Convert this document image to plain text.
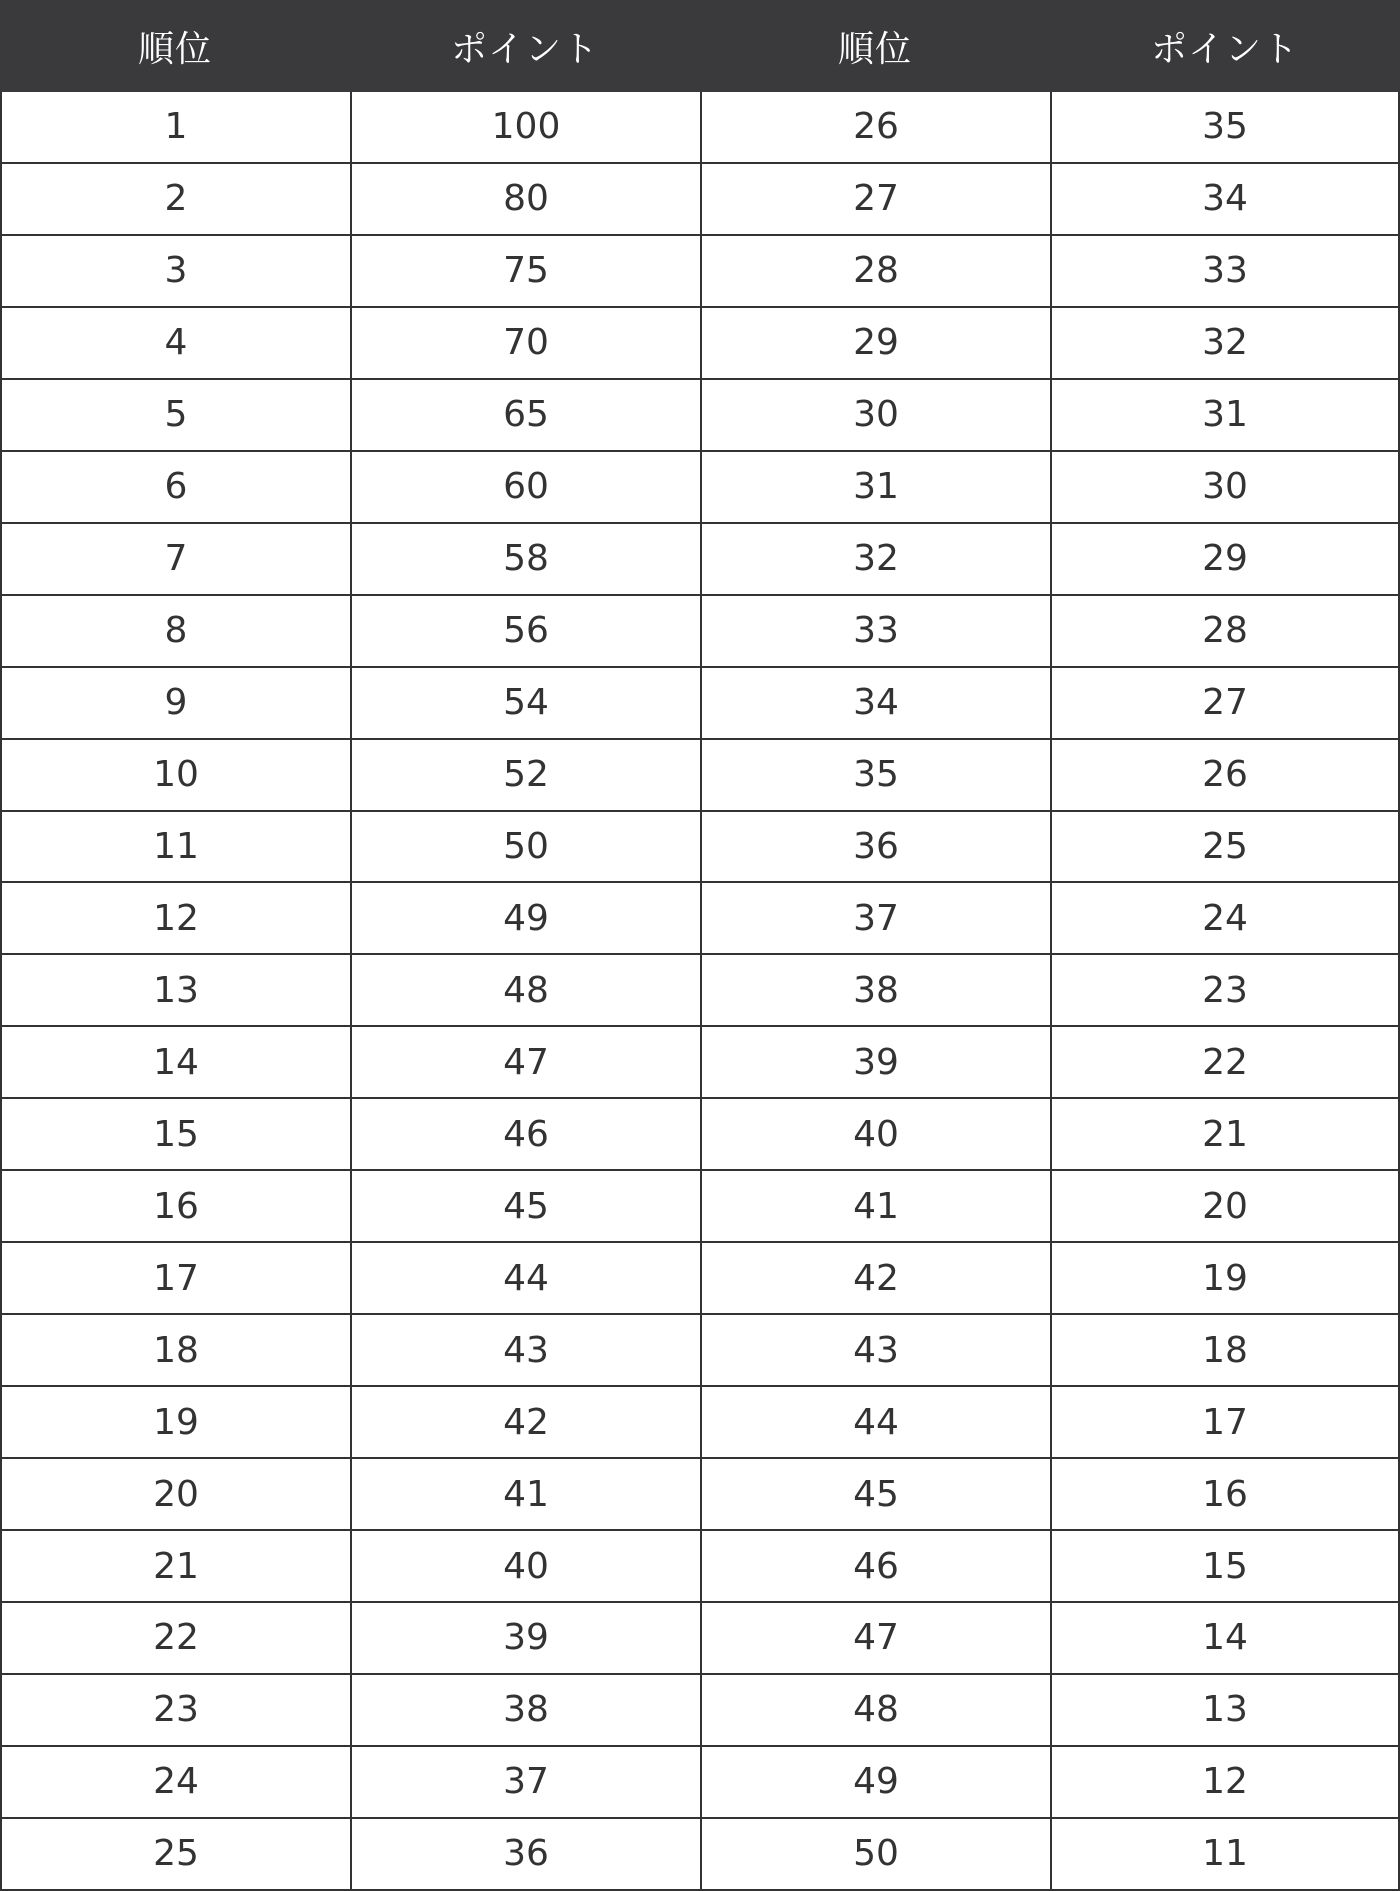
順位	ポイント	順位	ポイント
1	100	26	35
2	80	27	34
3	75	28	33
4	70	29	32
5	65	30	31
6	60	31	30
7	58	32	29
8	56	33	28
9	54	34	27
10	52	35	26
11	50	36	25
12	49	37	24
13	48	38	23
14	47	39	22
15	46	40	21
16	45	41	20
17	44	42	19
18	43	43	18
19	42	44	17
20	41	45	16
21	40	46	15
22	39	47	14
23	38	48	13
24	37	49	12
25	36	50	11
